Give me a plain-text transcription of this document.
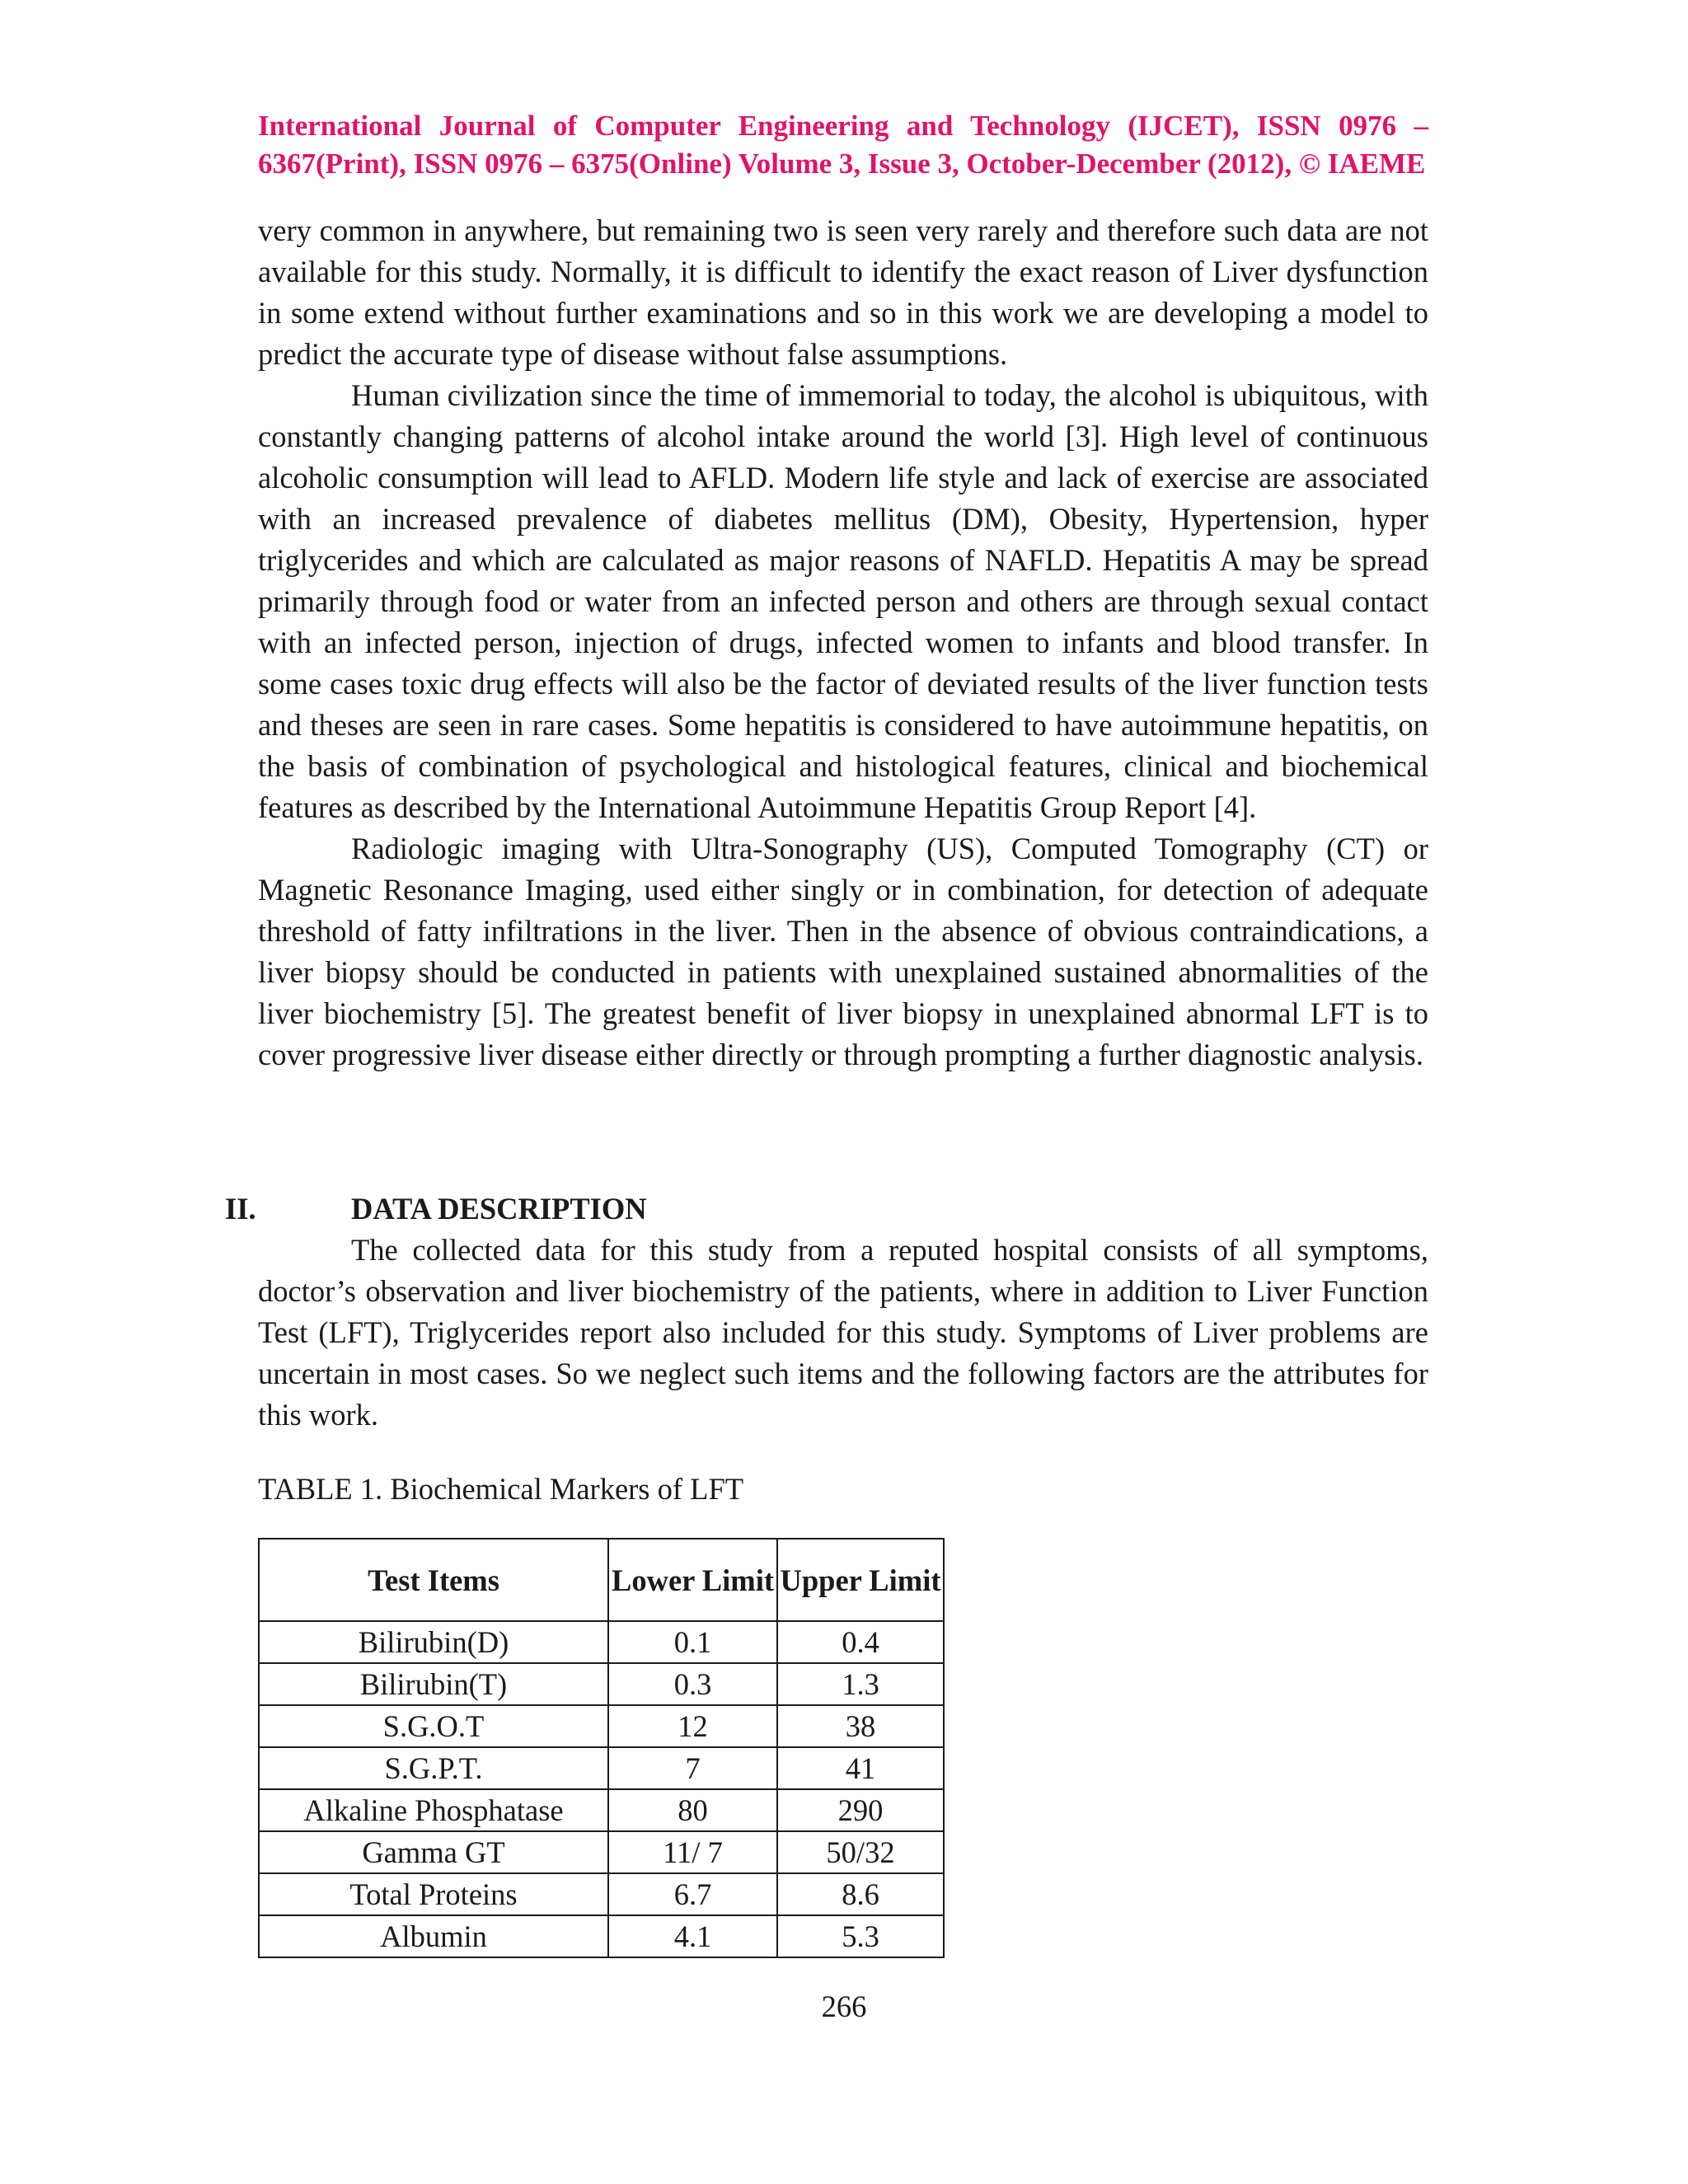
International Journal of Computer Engineering and Technology (IJCET), ISSN 0976 – 6367(Print), ISSN 0976 – 6375(Online) Volume 3, Issue 3, October-December (2012), © IAEME

very common in anywhere, but remaining two is seen very rarely and therefore such data are not available for this study. Normally, it is difficult to identify the exact reason of Liver dysfunction in some extend without further examinations and so in this work we are developing a model to predict the accurate type of disease without false assumptions.

Human civilization since the time of immemorial to today, the alcohol is ubiquitous, with constantly changing patterns of alcohol intake around the world [3]. High level of continuous alcoholic consumption will lead to AFLD. Modern life style and lack of exercise are associated with an increased prevalence of diabetes mellitus (DM), Obesity, Hypertension, hyper triglycerides and which are calculated as major reasons of NAFLD. Hepatitis A may be spread primarily through food or water from an infected person and others are through sexual contact with an infected person, injection of drugs, infected women to infants and blood transfer. In some cases toxic drug effects will also be the factor of deviated results of the liver function tests and theses are seen in rare cases. Some hepatitis is considered to have autoimmune hepatitis, on the basis of combination of psychological and histological features, clinical and biochemical features as described by the International Autoimmune Hepatitis Group Report [4].

Radiologic imaging with Ultra-Sonography (US), Computed Tomography (CT) or Magnetic Resonance Imaging, used either singly or in combination, for detection of adequate threshold of fatty infiltrations in the liver. Then in the absence of obvious contraindications, a liver biopsy should be conducted in patients with unexplained sustained abnormalities of the liver biochemistry [5]. The greatest benefit of liver biopsy in unexplained abnormal LFT is to cover progressive liver disease either directly or through prompting a further diagnostic analysis.

II.	DATA DESCRIPTION

The collected data for this study from a reputed hospital consists of all symptoms, doctor’s observation and liver biochemistry of the patients, where in addition to Liver Function Test (LFT), Triglycerides report also included for this study. Symptoms of Liver problems are uncertain in most cases. So we neglect such items and the following factors are the attributes for this work.

TABLE 1. Biochemical Markers of LFT
Test Items	Lower Limit	Upper Limit
Bilirubin(D)	0.1	0.4
Bilirubin(T)	0.3	1.3
S.G.O.T	12	38
S.G.P.T.	7	41
Alkaline Phosphatase	80	290
Gamma GT	11/ 7	50/32
Total Proteins	6.7	8.6
Albumin	4.1	5.3
266
